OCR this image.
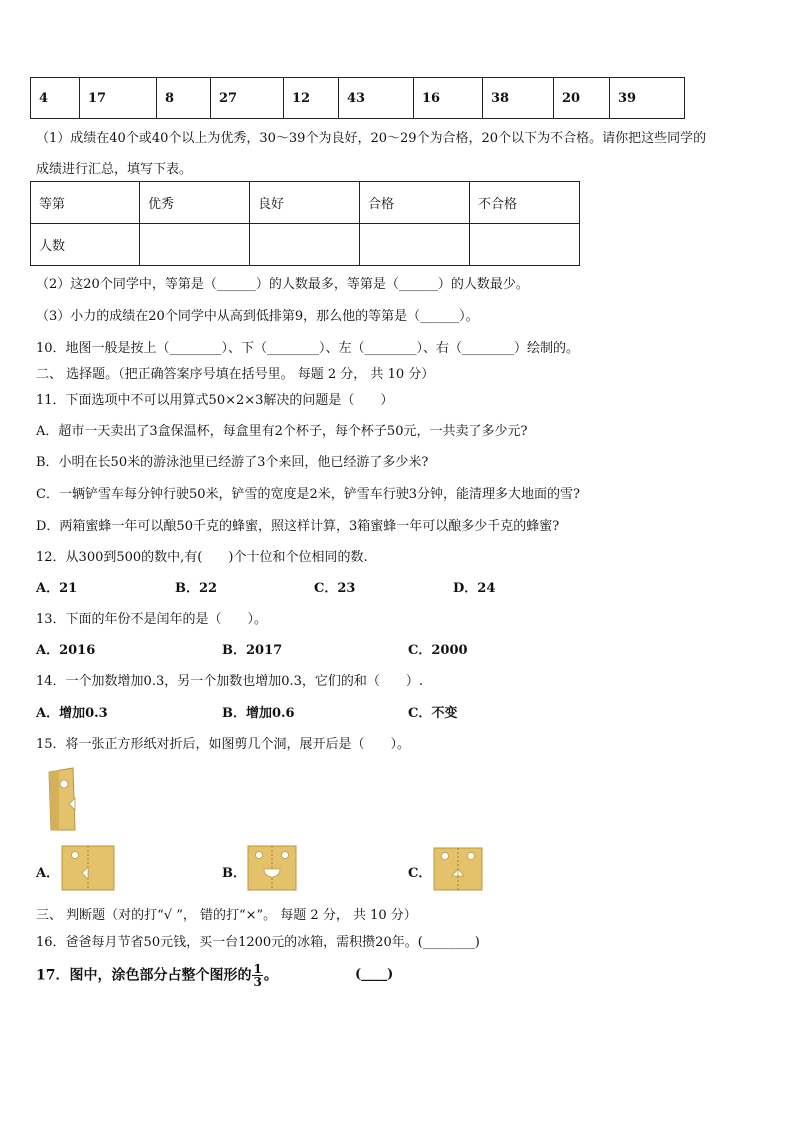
4	17	8	27	12	43	16	38	20	39
（1）成绩在40个或40个以上为优秀，30～39个为良好，20～29个为合格，20个以下为不合格。请你把这些同学的
成绩进行汇总，填写下表。
等第	优秀	良好	合格	不合格
人数				
（2）这20个同学中，等第是（______）的人数最多，等第是（______）的人数最少。
（3）小力的成绩在20个同学中从高到低排第9，那么他的等第是（______）。
10．地图一般是按上（________）、下（________）、左（________）、右（________）绘制的。
二、 选择题。（把正确答案序号填在括号里。 每题 2 分， 共 10 分）
11．下面选项中不可以用算式50×2×3解决的问题是（　　）
A．超市一天卖出了3盒保温杯，每盒里有2个杯子，每个杯子50元，一共卖了多少元?
B．小明在长50米的游泳池里已经游了3个来回，他已经游了多少米?
C．一辆铲雪车每分钟行驶50米，铲雪的宽度是2米，铲雪车行驶3分钟，能清理多大地面的雪?
D．两箱蜜蜂一年可以酿50千克的蜂蜜，照这样计算，3箱蜜蜂一年可以酿多少千克的蜂蜜?
12．从300到500的数中,有(　　)个十位和个位相同的数.
A．21	B．22	C．23	D．24
13．下面的年份不是闰年的是（　　）。
A．2016	B．2017	C．2000
14．一个加数增加0.3，另一个加数也增加0.3，它们的和（　　）.
A．增加0.3	B．增加0.6	C．不变
15．将一张正方形纸对折后，如图剪几个洞，展开后是（　　）。
A．	B．	C．
三、 判断题（对的打“√ ”， 错的打“×”。 每题 2 分， 共 10 分）
16．爸爸每月节省50元钱，买一台1200元的冰箱，需积攒20年。(________)
17．图中，涂色部分占整个图形的 $\frac{1}{3}$ 。	(____)
